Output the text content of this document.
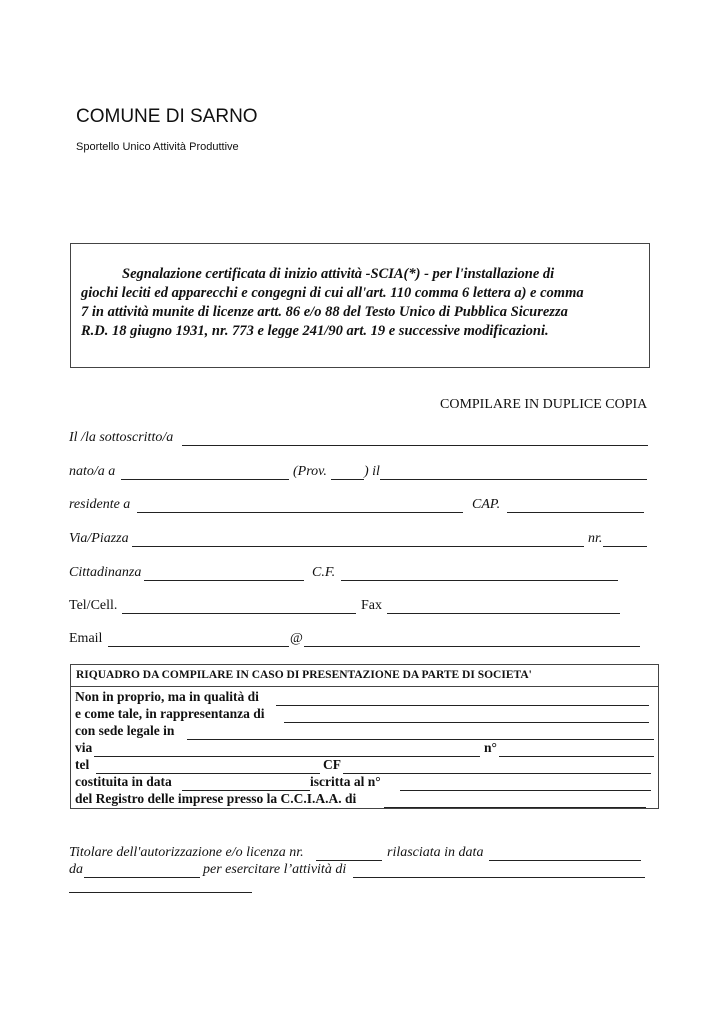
COMUNE DI SARNO
Sportello Unico Attività Produttive
Segnalazione certificata di inizio attività -SCIA(*) - per l'installazione di
giochi leciti ed apparecchi e congegni di cui all'art. 110 comma 6 lettera a) e comma
7 in attività munite di licenze artt. 86 e/o 88 del Testo Unico di Pubblica Sicurezza
R.D. 18 giugno 1931, nr. 773 e legge 241/90 art. 19 e successive modificazioni.
COMPILARE IN DUPLICE COPIA
Il /la sottoscritto/a
nato/a a	(Prov.	) il
residente a	CAP.
Via/Piazza	nr.
Cittadinanza	C.F.
Tel/Cell.	Fax
Email	@
RIQUADRO DA COMPILARE IN CASO DI PRESENTAZIONE DA PARTE DI SOCIETA'
Non in proprio, ma in qualità di
e come tale, in rappresentanza di
con sede legale in
via	n°
tel	CF
costituita in data	iscritta al n°
del Registro delle imprese presso la C.C.I.A.A. di
Titolare dell'autorizzazione e/o licenza nr.	rilasciata in data
da	per esercitare l’attività di
